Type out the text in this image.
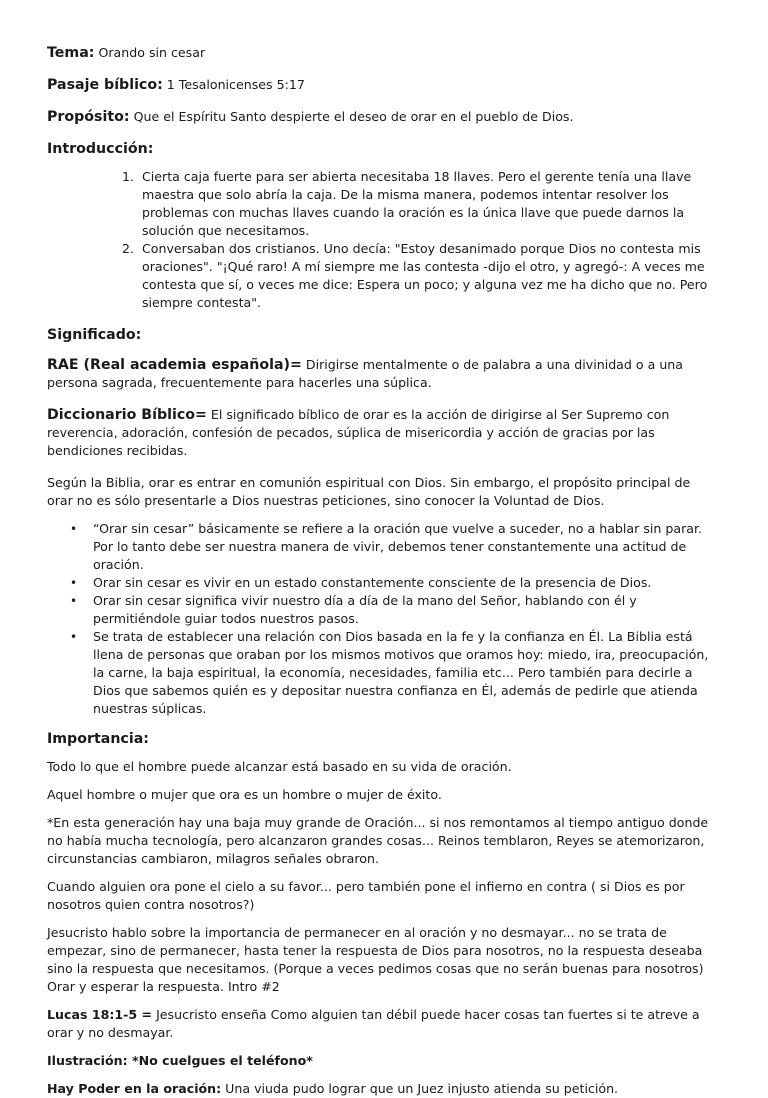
Tema: Orando sin cesar

Pasaje bíblico: 1 Tesalonicenses 5:17

Propósito: Que el Espíritu Santo despierte el deseo de orar en el pueblo de Dios.

Introducción:

1. Cierta caja fuerte para ser abierta necesitaba 18 llaves. Pero el gerente tenía una llave maestra que solo abría la caja. De la misma manera, podemos intentar resolver los problemas con muchas llaves cuando la oración es la única llave que puede darnos la solución que necesitamos.
2. Conversaban dos cristianos. Uno decía: "Estoy desanimado porque Dios no contesta mis oraciones". "¡Qué raro! A mí siempre me las contesta -dijo el otro, y agregó-: A veces me contesta que sí, o veces me dice: Espera un poco; y alguna vez me ha dicho que no. Pero siempre contesta".

Significado:

RAE (Real academia española)= Dirigirse mentalmente o de palabra a una divinidad o a una persona sagrada, frecuentemente para hacerles una súplica.

Diccionario Bíblico= El significado bíblico de orar es la acción de dirigirse al Ser Supremo con reverencia, adoración, confesión de pecados, súplica de misericordia y acción de gracias por las bendiciones recibidas.

Según la Biblia, orar es entrar en comunión espiritual con Dios. Sin embargo, el propósito principal de orar no es sólo presentarle a Dios nuestras peticiones, sino conocer la Voluntad de Dios.

• “Orar sin cesar” básicamente se refiere a la oración que vuelve a suceder, no a hablar sin parar. Por lo tanto debe ser nuestra manera de vivir, debemos tener constantemente una actitud de oración.
• Orar sin cesar es vivir en un estado constantemente consciente de la presencia de Dios.
• Orar sin cesar significa vivir nuestro día a día de la mano del Señor, hablando con él y permitiéndole guiar todos nuestros pasos.
• Se trata de establecer una relación con Dios basada en la fe y la confianza en Él. La Biblia está llena de personas que oraban por los mismos motivos que oramos hoy: miedo, ira, preocupación, la carne, la baja espiritual, la economía, necesidades, familia etc... Pero también para decirle a Dios que sabemos quién es y depositar nuestra confianza en Él, además de pedirle que atienda nuestras súplicas.

Importancia:

Todo lo que el hombre puede alcanzar está basado en su vida de oración.

Aquel hombre o mujer que ora es un hombre o mujer de éxito.

*En esta generación hay una baja muy grande de Oración... si nos remontamos al tiempo antiguo donde no había mucha tecnología, pero alcanzaron grandes cosas... Reinos temblaron, Reyes se atemorizaron, circunstancias cambiaron, milagros señales obraron.

Cuando alguien ora pone el cielo a su favor... pero también pone el infierno en contra ( si Dios es por nosotros quien contra nosotros?)

Jesucristo hablo sobre la importancia de permanecer en al oración y no desmayar... no se trata de empezar, sino de permanecer, hasta tener la respuesta de Dios para nosotros, no la respuesta deseaba sino la respuesta que necesitamos. (Porque a veces pedimos cosas que no serán buenas para nosotros) Orar y esperar la respuesta. Intro #2

Lucas 18:1-5 = Jesucristo enseña Como alguien tan débil puede hacer cosas tan fuertes si te atreve a orar y no desmayar.

Ilustración: *No cuelgues el teléfono*

Hay Poder en la oración: Una viuda pudo lograr que un Juez injusto atienda su petición.
